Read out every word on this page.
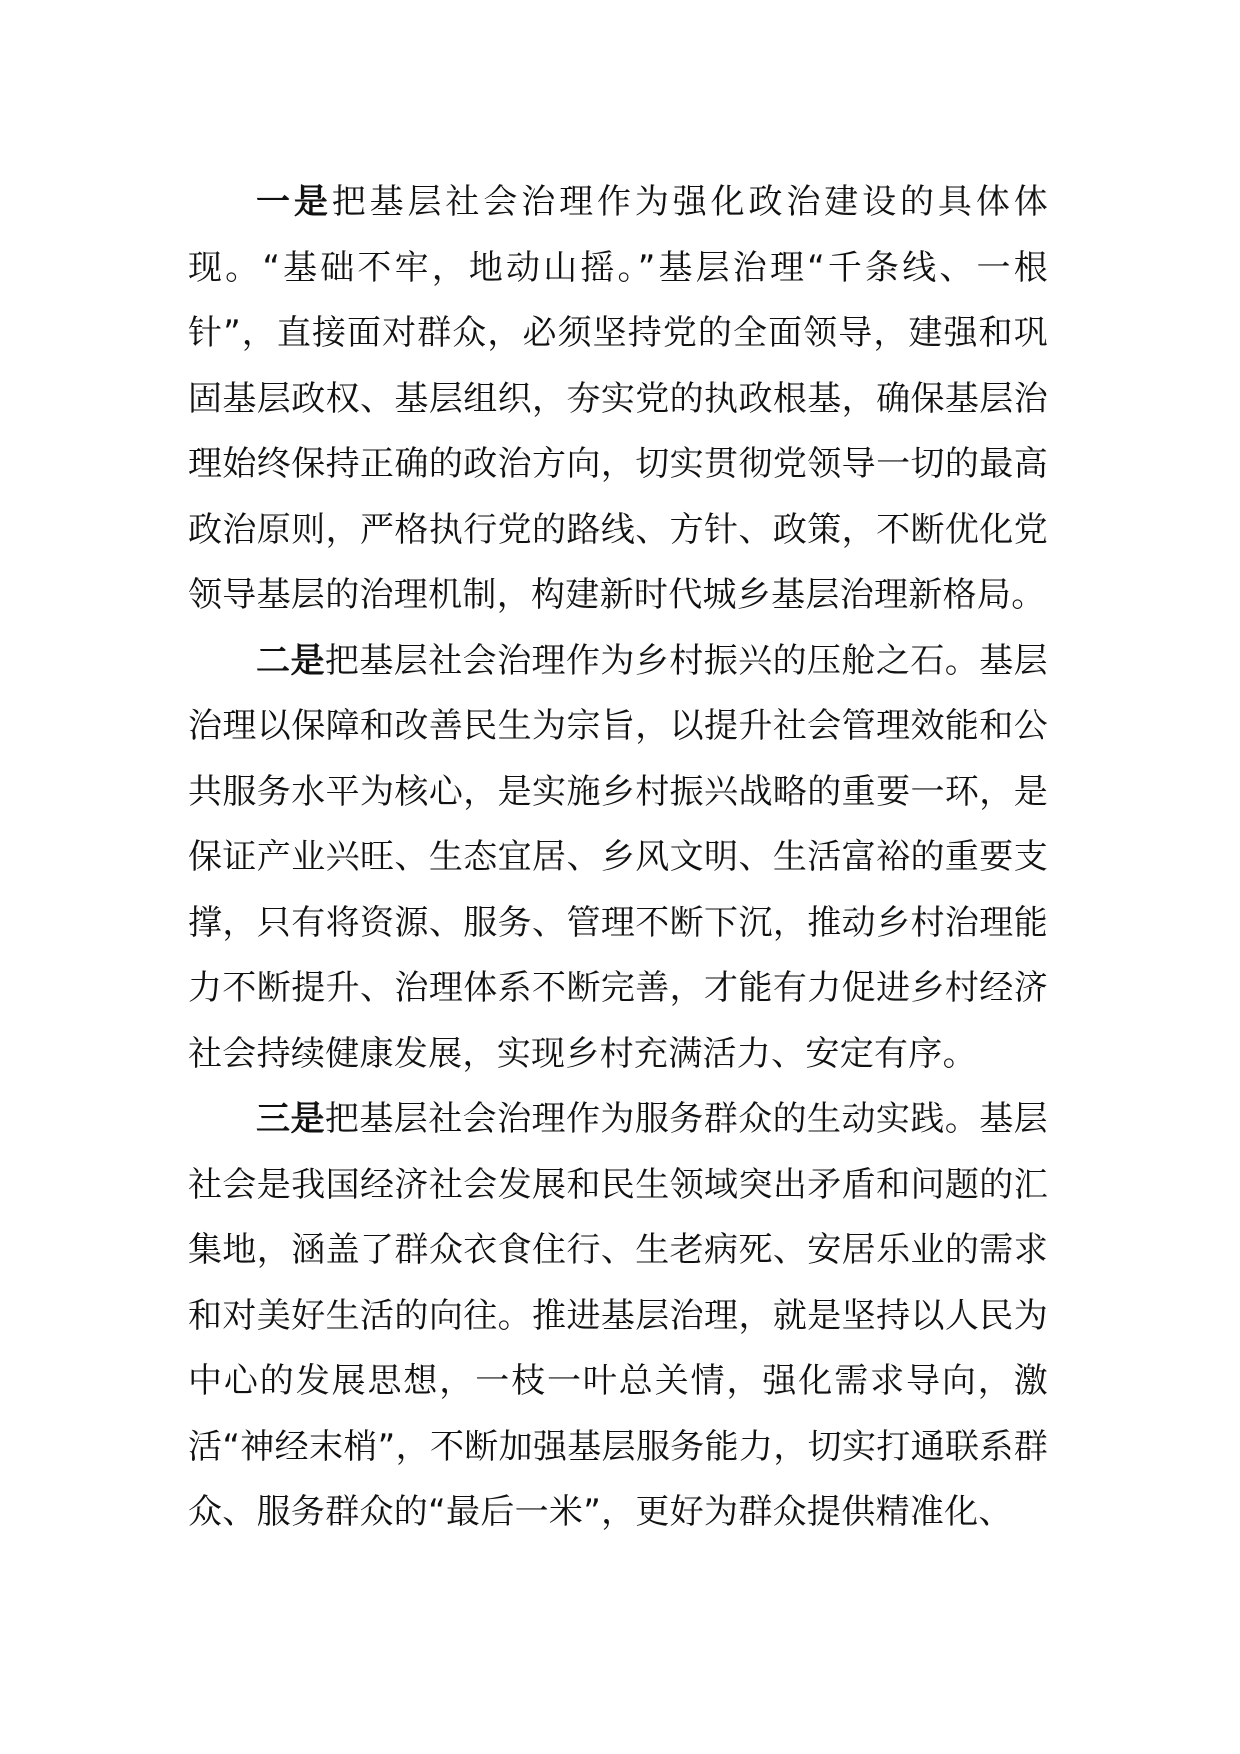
一是把基层社会治理作为强化政治建设的具体体现。“基础不牢，地动山摇。”基层治理“千条线、一根针”，直接面对群众，必须坚持党的全面领导，建强和巩固基层政权、基层组织，夯实党的执政根基，确保基层治理始终保持正确的政治方向，切实贯彻党领导一切的最高政治原则，严格执行党的路线、方针、政策，不断优化党领导基层的治理机制，构建新时代城乡基层治理新格局。

二是把基层社会治理作为乡村振兴的压舱之石。基层治理以保障和改善民生为宗旨，以提升社会管理效能和公共服务水平为核心，是实施乡村振兴战略的重要一环，是保证产业兴旺、生态宜居、乡风文明、生活富裕的重要支撑，只有将资源、服务、管理不断下沉，推动乡村治理能力不断提升、治理体系不断完善，才能有力促进乡村经济社会持续健康发展，实现乡村充满活力、安定有序。

三是把基层社会治理作为服务群众的生动实践。基层社会是我国经济社会发展和民生领域突出矛盾和问题的汇集地，涵盖了群众衣食住行、生老病死、安居乐业的需求和对美好生活的向往。推进基层治理，就是坚持以人民为中心的发展思想，一枝一叶总关情，强化需求导向，激活“神经末梢”，不断加强基层服务能力，切实打通联系群众、服务群众的“最后一米”，更好为群众提供精准化、
